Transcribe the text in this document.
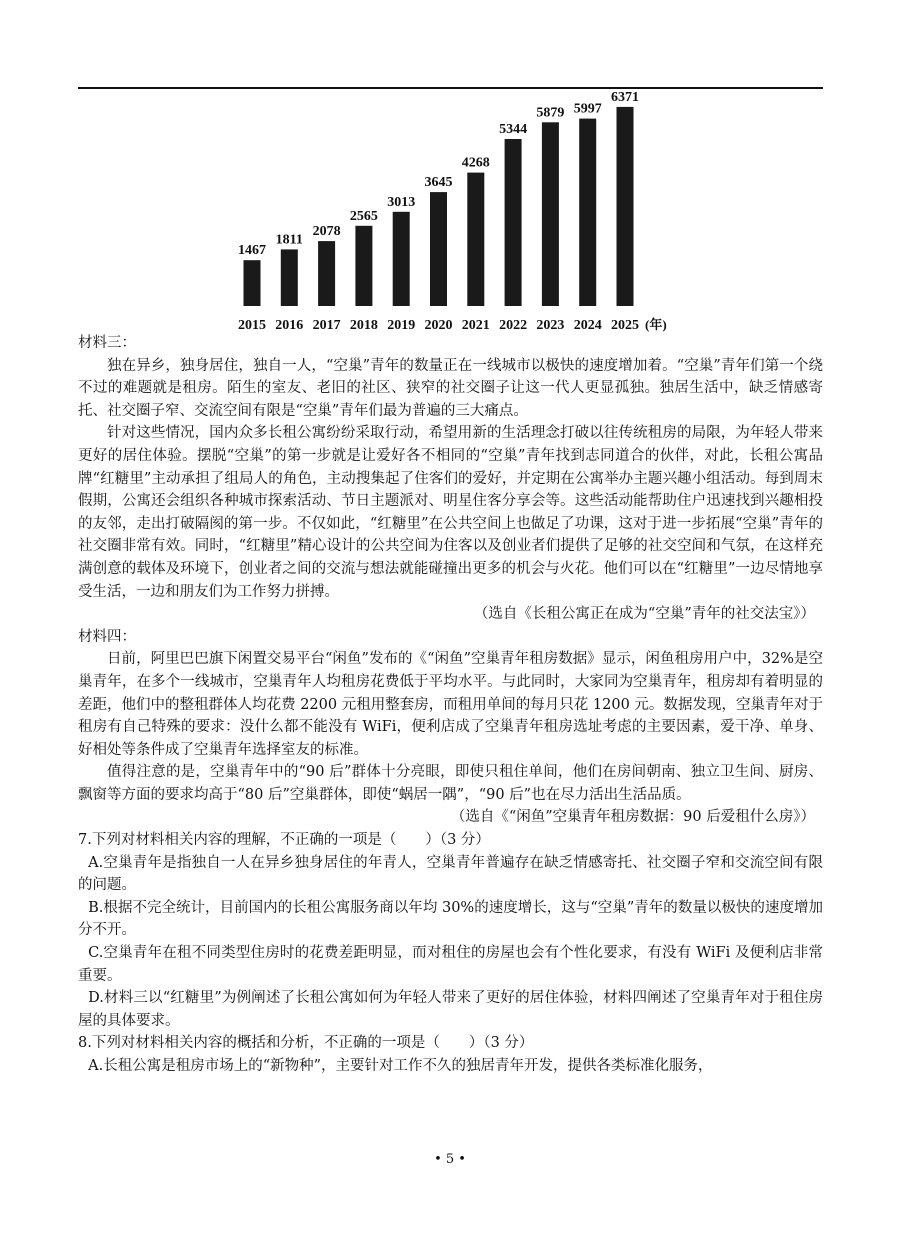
1467
2015
1811
2016
2078
2017
2565
2018
3013
2019
3645
2020
4268
2021
5344
2022
5879
2023
5997
2024
6371
2025 (年)

材料三：

独在异乡，独身居住，独自一人，“空巢”青年的数量正在一线城市以极快的速度增加着。“空巢”青年们第一个绕不过的难题就是租房。陌生的室友、老旧的社区、狭窄的社交圈子让这一代人更显孤独。独居生活中，缺乏情感寄托、社交圈子窄、交流空间有限是“空巢”青年们最为普遍的三大痛点。

针对这些情况，国内众多长租公寓纷纷采取行动，希望用新的生活理念打破以往传统租房的局限，为年轻人带来更好的居住体验。摆脱“空巢”的第一步就是让爱好各不相同的“空巢”青年找到志同道合的伙伴，对此，长租公寓品牌“红糖里”主动承担了组局人的角色，主动搜集起了住客们的爱好，并定期在公寓举办主题兴趣小组活动。每到周末假期，公寓还会组织各种城市探索活动、节日主题派对、明星住客分享会等。这些活动能帮助住户迅速找到兴趣相投的友邻，走出打破隔阂的第一步。不仅如此，“红糖里”在公共空间上也做足了功课，这对于进一步拓展“空巢”青年的社交圈非常有效。同时，“红糖里”精心设计的公共空间为住客以及创业者们提供了足够的社交空间和气氛，在这样充满创意的载体及环境下，创业者之间的交流与想法就能碰撞出更多的机会与火花。他们可以在“红糖里”一边尽情地享受生活，一边和朋友们为工作努力拼搏。

（选自《长租公寓正在成为“空巢”青年的社交法宝》）

材料四：

日前，阿里巴巴旗下闲置交易平台“闲鱼”发布的《“闲鱼”空巢青年租房数据》显示，闲鱼租房用户中，32%是空巢青年，在多个一线城市，空巢青年人均租房花费低于平均水平。与此同时，大家同为空巢青年，租房却有着明显的差距，他们中的整租群体人均花费 2200 元租用整套房，而租用单间的每月只花 1200 元。数据发现，空巢青年对于租房有自己特殊的要求：没什么都不能没有 WiFi，便利店成了空巢青年租房选址考虑的主要因素，爱干净、单身、好相处等条件成了空巢青年选择室友的标准。

值得注意的是，空巢青年中的“90 后”群体十分亮眼，即使只租住单间，他们在房间朝南、独立卫生间、厨房、飘窗等方面的要求均高于“80 后”空巢群体，即使“蜗居一隅”，“90 后”也在尽力活出生活品质。

（选自《“闲鱼”空巢青年租房数据：90 后爱租什么房》）

7.下列对材料相关内容的理解，不正确的一项是（　　）（3 分）

A.空巢青年是指独自一人在异乡独身居住的年青人，空巢青年普遍存在缺乏情感寄托、社交圈子窄和交流空间有限的问题。

B.根据不完全统计，目前国内的长租公寓服务商以年均 30%的速度增长，这与“空巢”青年的数量以极快的速度增加分不开。

C.空巢青年在租不同类型住房时的花费差距明显，而对租住的房屋也会有个性化要求，有没有 WiFi 及便利店非常重要。

D.材料三以“红糖里”为例阐述了长租公寓如何为年轻人带来了更好的居住体验，材料四阐述了空巢青年对于租住房屋的具体要求。

8.下列对材料相关内容的概括和分析，不正确的一项是（　　）（3 分）

A.长租公寓是租房市场上的“新物种”，主要针对工作不久的独居青年开发，提供各类标准化服务，

• 5 •
